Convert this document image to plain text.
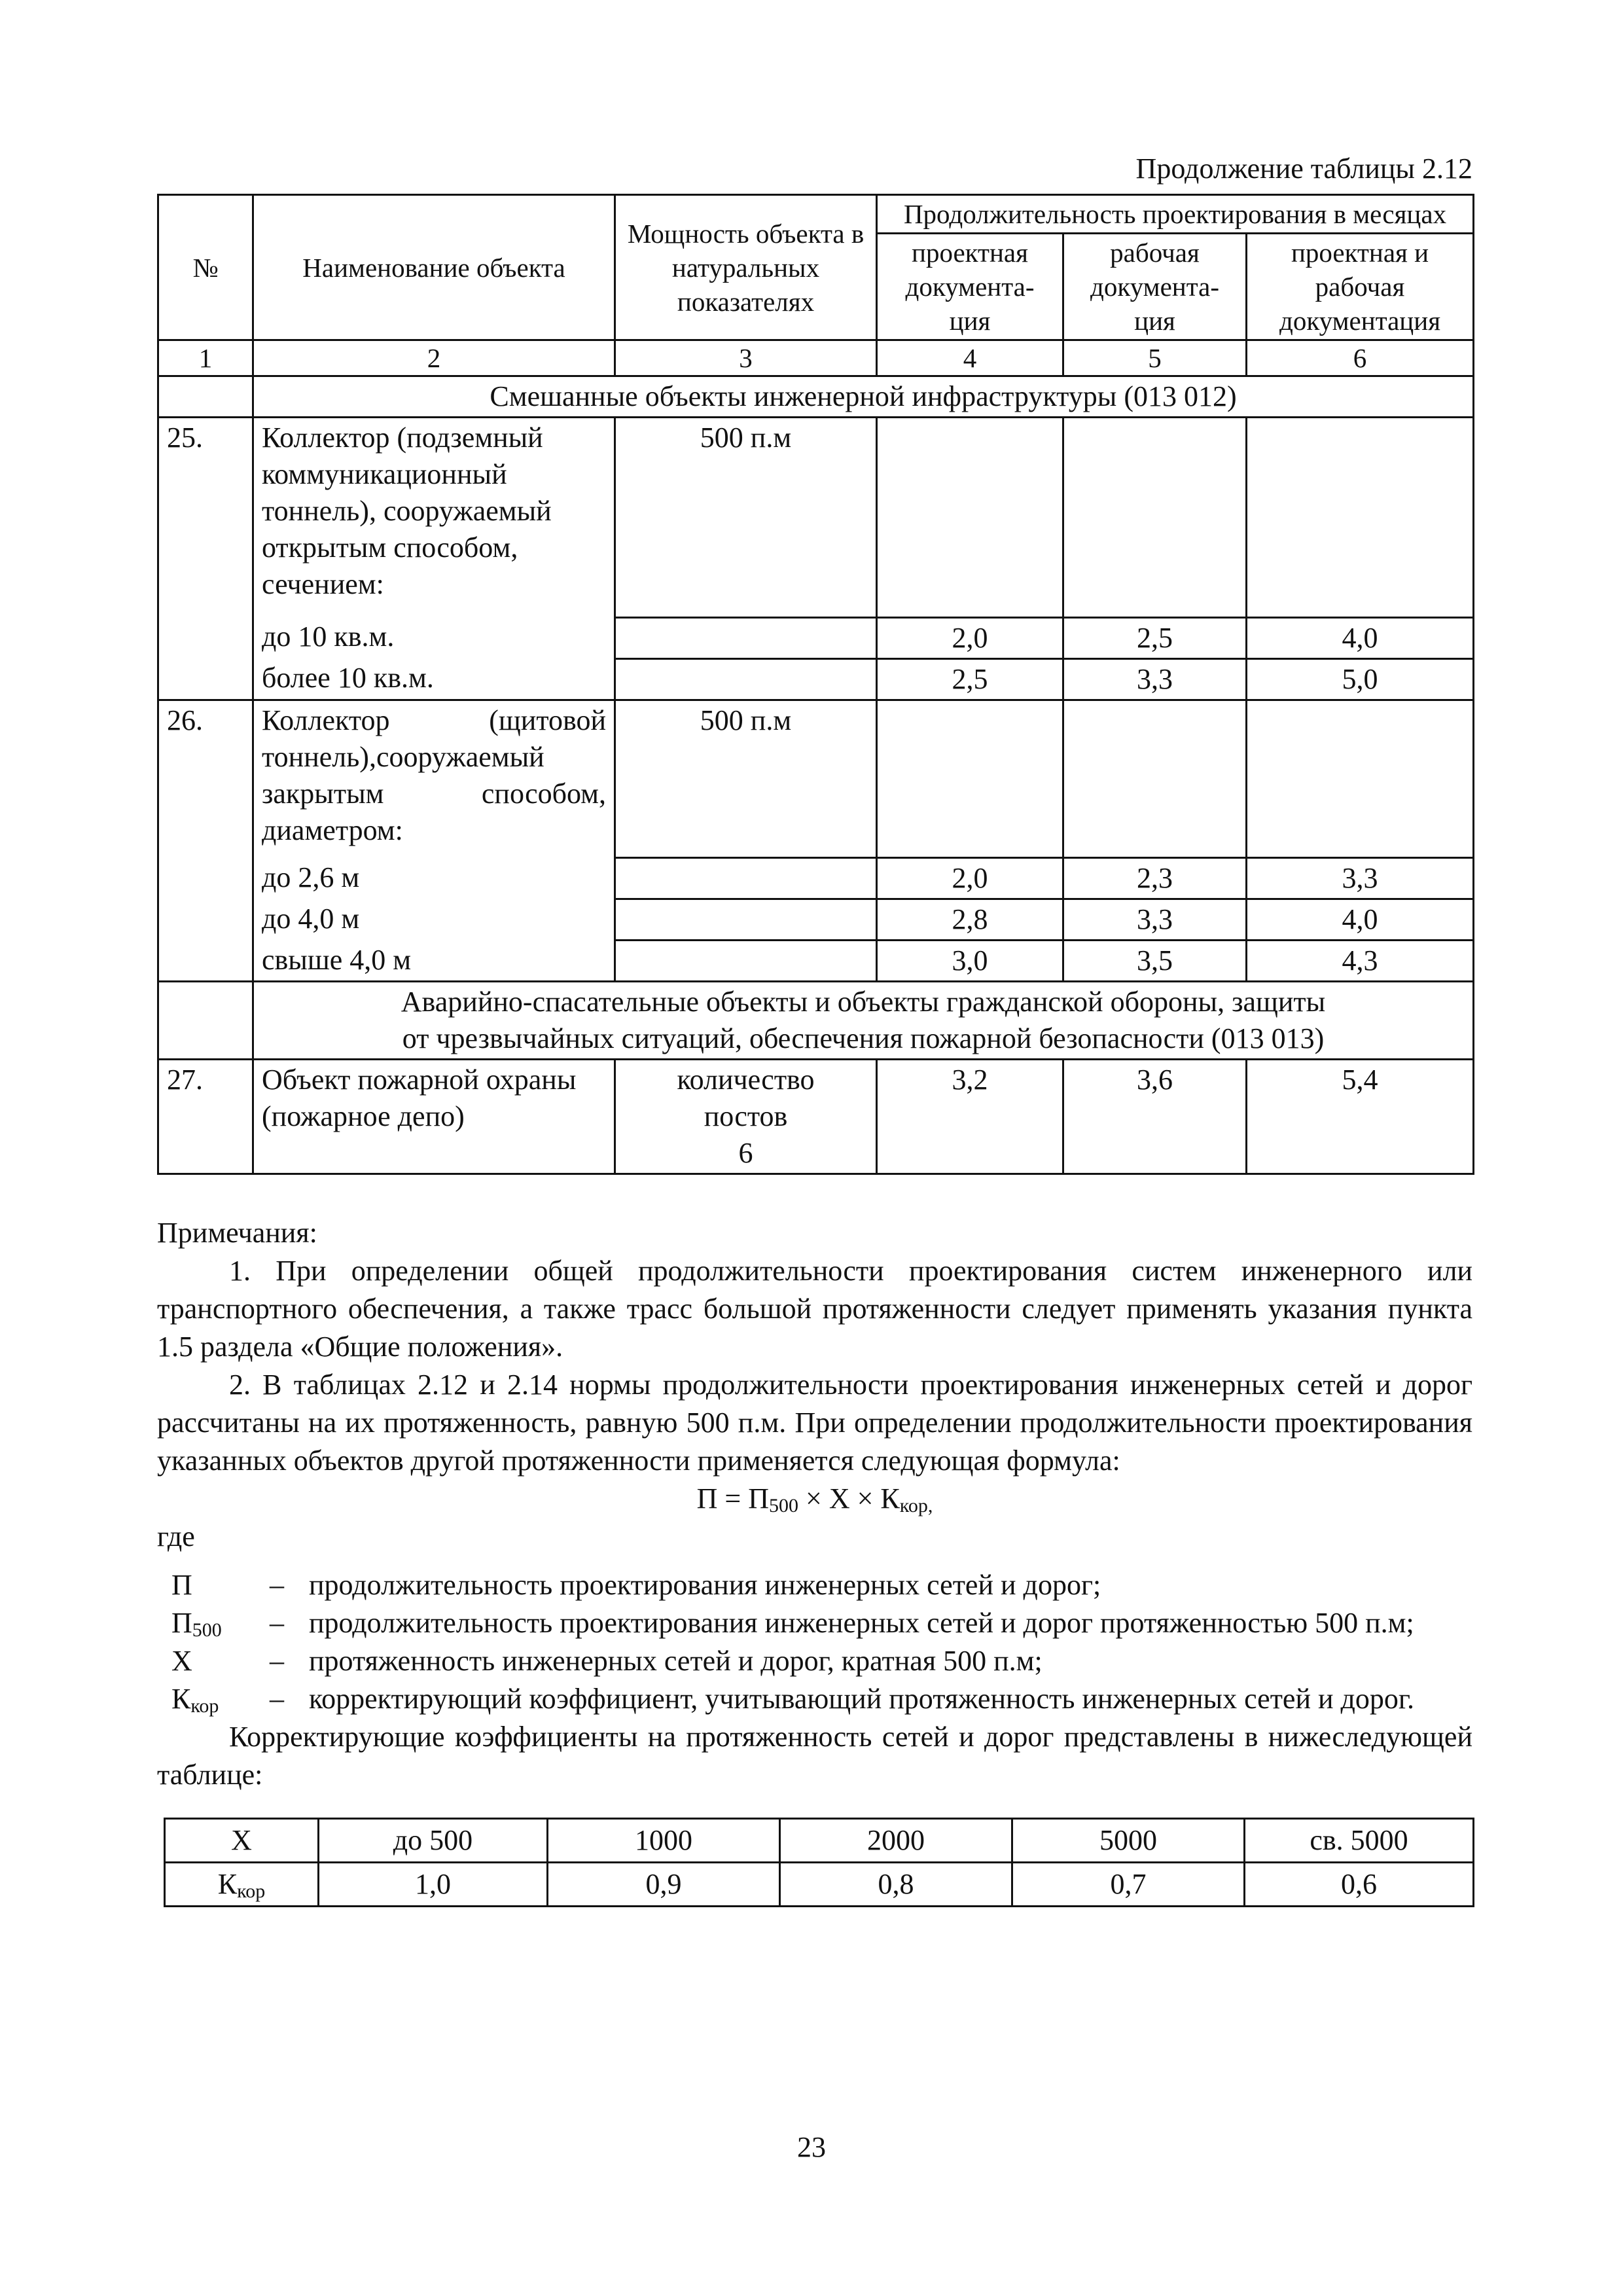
Продолжение таблицы 2.12
№	Наименование объекта	Мощность объекта в натуральных показателях	Продолжительность проектирования в месяцах		
			проектная документа-ция	рабочая документа-ция	проектная и рабочая документация
1	2	3	4	5	6
	Смешанные объекты инженерной инфраструктуры (013 012)				
25.	Коллектор (подземный коммуникационный тоннель), сооружаемый открытым способом, сечением:	500 п.м			
	до 10 кв.м.		2,0	2,5	4,0
	более 10 кв.м.		2,5	3,3	5,0
26.	Коллектор (щитовой тоннель),сооружаемый закрытым способом, диаметром:	500 п.м			
	до 2,6 м		2,0	2,3	3,3
	до 4,0 м		2,8	3,3	4,0
	свыше 4,0 м		3,0	3,5	4,3

	Аварийно-спасательные объекты и объекты гражданской обороны, защиты
от чрезвычайных ситуаций, обеспечения пожарной безопасности (013 013)				

27.	Объект пожарной охраны (пожарное депо)	количество
постов
6	3,2	3,6	5,4

Примечания:

1. При определении общей продолжительности проектирования систем инженерного или транспортного обеспечения, а также трасс большой протяженности следует применять указания пункта 1.5 раздела «Общие положения».

2. В таблицах 2.12 и 2.14 нормы продолжительности проектирования инженерных сетей и дорог рассчитаны на их протяженность, равную 500 п.м. При определении продолжительности проектирования указанных объектов другой протяженности применяется следующая формула:

$П = П_{500} \times Х \times К_{кор,}$

где

П	–	продолжительность проектирования инженерных сетей и дорог;
$П_{500}$	–	продолжительность проектирования инженерных сетей и дорог протяженностью 500 п.м;
Х	–	протяженность инженерных сетей и дорог, кратная 500 п.м;
$К_{кор}$	–	корректирующий коэффициент, учитывающий протяженность инженерных сетей и дорог.

Корректирующие коэффициенты на протяженность сетей и дорог представлены в нижеследующей таблице:

Х	до 500	1000	2000	5000	св. 5000
$К_{кор}$	1,0	0,9	0,8	0,7	0,6
23
